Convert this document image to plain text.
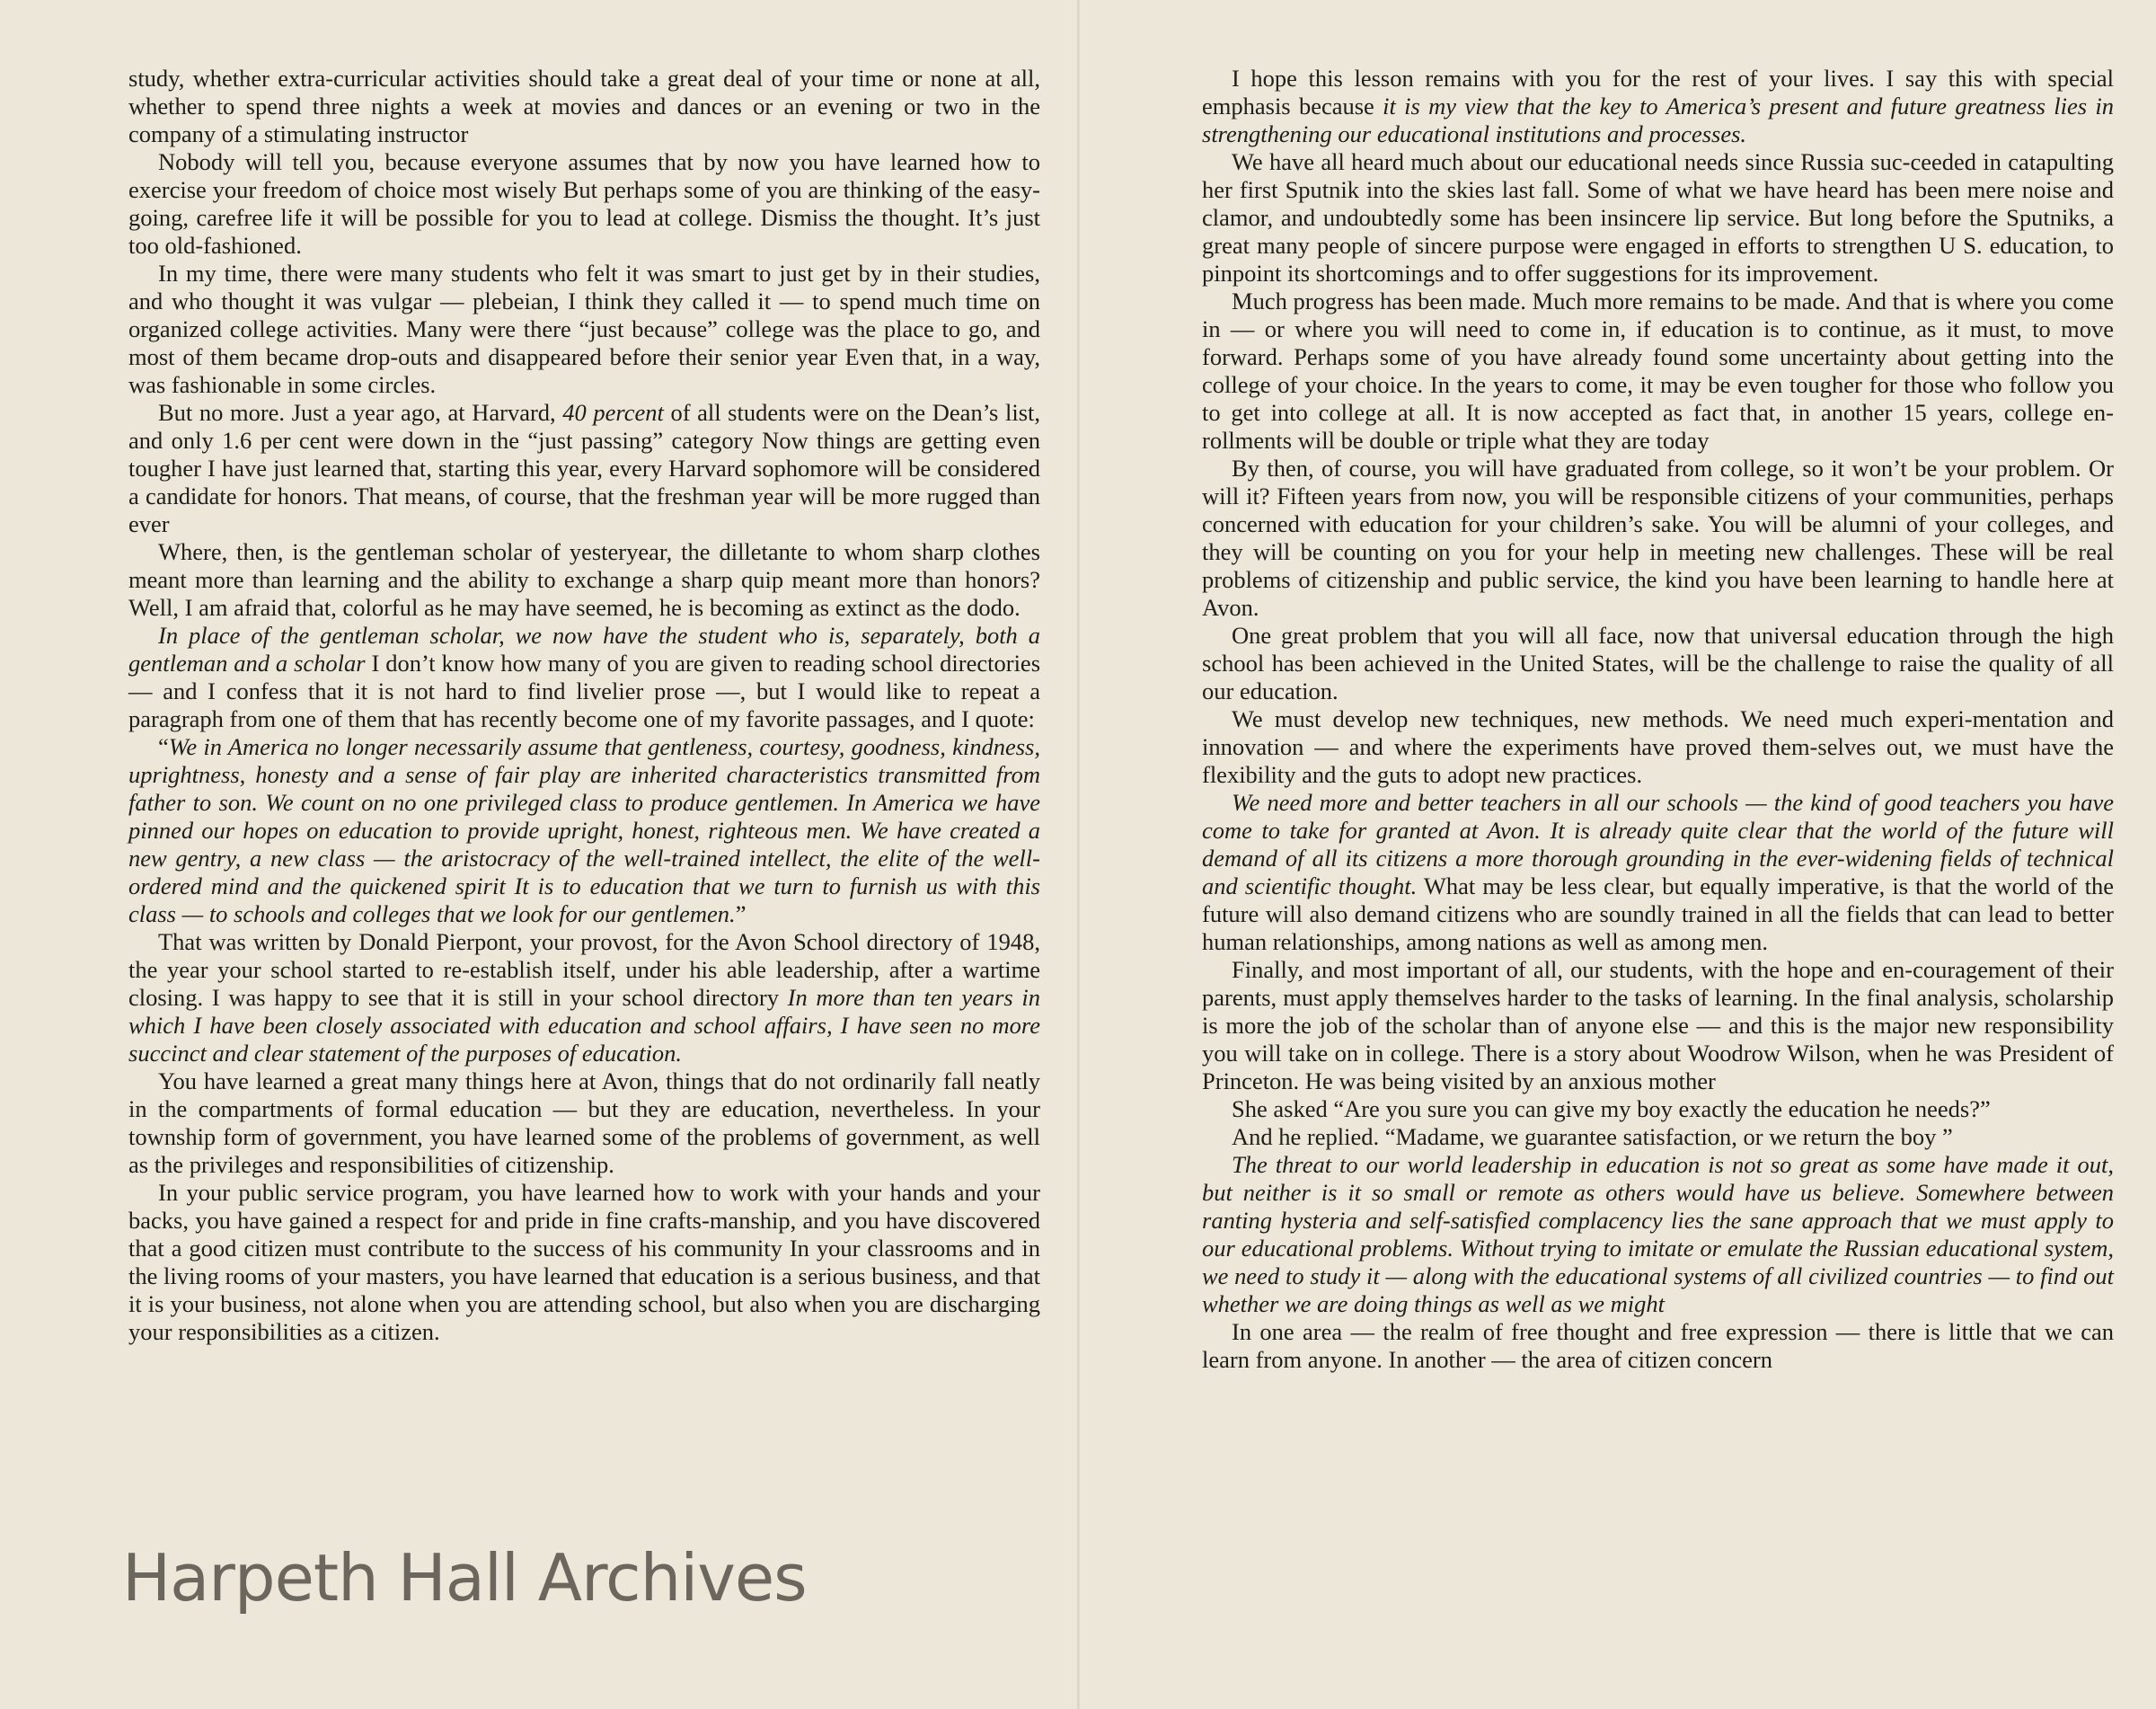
study, whether extra-curricular activities should take a great deal of your time or none at all, whether to spend three nights a week at movies and dances or an evening or two in the company of a stimulating instructor

Nobody will tell you, because everyone assumes that by now you have learned how to exercise your freedom of choice most wisely But perhaps some of you are thinking of the easy-going, carefree life it will be possible for you to lead at college. Dismiss the thought. It’s just too old-fashioned.

In my time, there were many students who felt it was smart to just get by in their studies, and who thought it was vulgar — plebeian, I think they called it — to spend much time on organized college activities. Many were there “just because” college was the place to go, and most of them became drop-outs and disappeared before their senior year Even that, in a way, was fashionable in some circles.

But no more. Just a year ago, at Harvard, 40 percent of all students were on the Dean’s list, and only 1.6 per cent were down in the “just passing” category Now things are getting even tougher I have just learned that, starting this year, every Harvard sophomore will be considered a candidate for honors. That means, of course, that the freshman year will be more rugged than ever

Where, then, is the gentleman scholar of yesteryear, the dilletante to whom sharp clothes meant more than learning and the ability to exchange a sharp quip meant more than honors? Well, I am afraid that, colorful as he may have seemed, he is becoming as extinct as the dodo.

In place of the gentleman scholar, we now have the student who is, separately, both a gentleman and a scholar I don’t know how many of you are given to reading school directories — and I confess that it is not hard to find livelier prose —, but I would like to repeat a paragraph from one of them that has recently become one of my favorite passages, and I quote:

“We in America no longer necessarily assume that gentleness, courtesy, goodness, kindness, uprightness, honesty and a sense of fair play are inherited characteristics transmitted from father to son. We count on no one privileged class to produce gentlemen. In America we have pinned our hopes on education to provide upright, honest, righteous men. We have created a new gentry, a new class — the aristocracy of the well-trained intellect, the elite of the well-ordered mind and the quickened spirit It is to education that we turn to furnish us with this class — to schools and colleges that we look for our gentlemen.”

That was written by Donald Pierpont, your provost, for the Avon School directory of 1948, the year your school started to re-establish itself, under his able leadership, after a wartime closing. I was happy to see that it is still in your school directory In more than ten years in which I have been closely associated with education and school affairs, I have seen no more succinct and clear statement of the purposes of education.

You have learned a great many things here at Avon, things that do not ordinarily fall neatly in the compartments of formal education — but they are education, nevertheless. In your township form of government, you have learned some of the problems of government, as well as the privileges and responsibilities of citizenship.

In your public service program, you have learned how to work with your hands and your backs, you have gained a respect for and pride in fine crafts-manship, and you have discovered that a good citizen must contribute to the success of his community In your classrooms and in the living rooms of your masters, you have learned that education is a serious business, and that it is your business, not alone when you are attending school, but also when you are discharging your responsibilities as a citizen.

I hope this lesson remains with you for the rest of your lives. I say this with special emphasis because it is my view that the key to America’s present and future greatness lies in strengthening our educational institutions and processes.

We have all heard much about our educational needs since Russia suc-ceeded in catapulting her first Sputnik into the skies last fall. Some of what we have heard has been mere noise and clamor, and undoubtedly some has been insincere lip service. But long before the Sputniks, a great many people of sincere purpose were engaged in efforts to strengthen U S. education, to pinpoint its shortcomings and to offer suggestions for its improvement.

Much progress has been made. Much more remains to be made. And that is where you come in — or where you will need to come in, if education is to continue, as it must, to move forward. Perhaps some of you have already found some uncertainty about getting into the college of your choice. In the years to come, it may be even tougher for those who follow you to get into college at all. It is now accepted as fact that, in another 15 years, college en-rollments will be double or triple what they are today

By then, of course, you will have graduated from college, so it won’t be your problem. Or will it? Fifteen years from now, you will be responsible citizens of your communities, perhaps concerned with education for your children’s sake. You will be alumni of your colleges, and they will be counting on you for your help in meeting new challenges. These will be real problems of citizenship and public service, the kind you have been learning to handle here at Avon.

One great problem that you will all face, now that universal education through the high school has been achieved in the United States, will be the challenge to raise the quality of all our education.

We must develop new techniques, new methods. We need much experi-mentation and innovation — and where the experiments have proved them-selves out, we must have the flexibility and the guts to adopt new practices.

We need more and better teachers in all our schools — the kind of good teachers you have come to take for granted at Avon. It is already quite clear that the world of the future will demand of all its citizens a more thorough grounding in the ever-widening fields of technical and scientific thought. What may be less clear, but equally imperative, is that the world of the future will also demand citizens who are soundly trained in all the fields that can lead to better human relationships, among nations as well as among men.

Finally, and most important of all, our students, with the hope and en-couragement of their parents, must apply themselves harder to the tasks of learning. In the final analysis, scholarship is more the job of the scholar than of anyone else — and this is the major new responsibility you will take on in college. There is a story about Woodrow Wilson, when he was President of Princeton. He was being visited by an anxious mother

She asked “Are you sure you can give my boy exactly the education he needs?”

And he replied. “Madame, we guarantee satisfaction, or we return the boy ”

The threat to our world leadership in education is not so great as some have made it out, but neither is it so small or remote as others would have us believe. Somewhere between ranting hysteria and self-satisfied complacency lies the sane approach that we must apply to our educational problems. Without trying to imitate or emulate the Russian educational system, we need to study it — along with the educational systems of all civilized countries — to find out whether we are doing things as well as we might

In one area — the realm of free thought and free expression — there is little that we can learn from anyone. In another — the area of citizen concern

Harpeth Hall Archives
